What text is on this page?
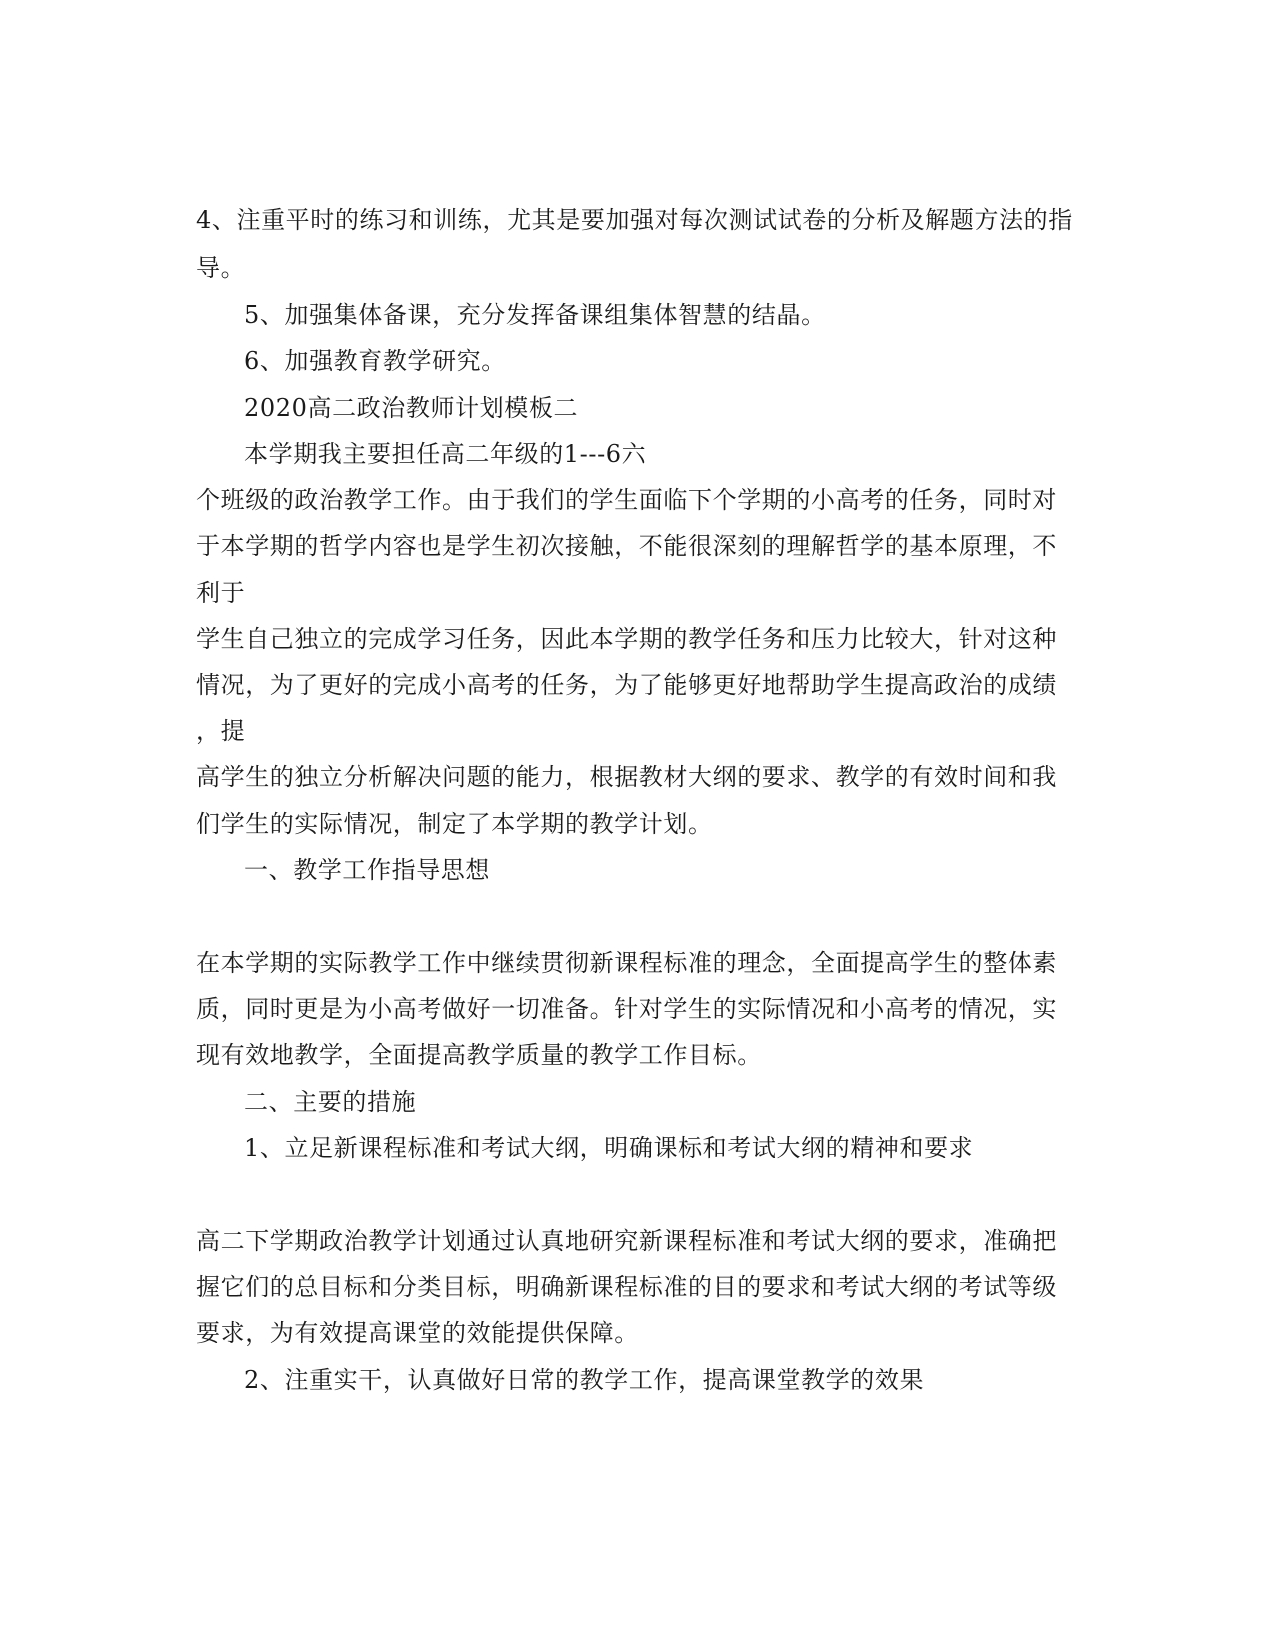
4、注重平时的练习和训练，尤其是要加强对每次测试试卷的分析及解题方法的指
导。
5、加强集体备课，充分发挥备课组集体智慧的结晶。
6、加强教育教学研究。
2020高二政治教师计划模板二
本学期我主要担任高二年级的1---6六
个班级的政治教学工作。由于我们的学生面临下个学期的小高考的任务，同时对
于本学期的哲学内容也是学生初次接触，不能很深刻的理解哲学的基本原理，不
利于
学生自己独立的完成学习任务，因此本学期的教学任务和压力比较大，针对这种
情况，为了更好的完成小高考的任务，为了能够更好地帮助学生提高政治的成绩
，提
高学生的独立分析解决问题的能力，根据教材大纲的要求、教学的有效时间和我
们学生的实际情况，制定了本学期的教学计划。
一、教学工作指导思想
在本学期的实际教学工作中继续贯彻新课程标准的理念，全面提高学生的整体素
质，同时更是为小高考做好一切准备。针对学生的实际情况和小高考的情况，实
现有效地教学，全面提高教学质量的教学工作目标。
二、主要的措施
1、立足新课程标准和考试大纲，明确课标和考试大纲的精神和要求
高二下学期政治教学计划通过认真地研究新课程标准和考试大纲的要求，准确把
握它们的总目标和分类目标，明确新课程标准的目的要求和考试大纲的考试等级
要求，为有效提高课堂的效能提供保障。
2、注重实干，认真做好日常的教学工作，提高课堂教学的效果
